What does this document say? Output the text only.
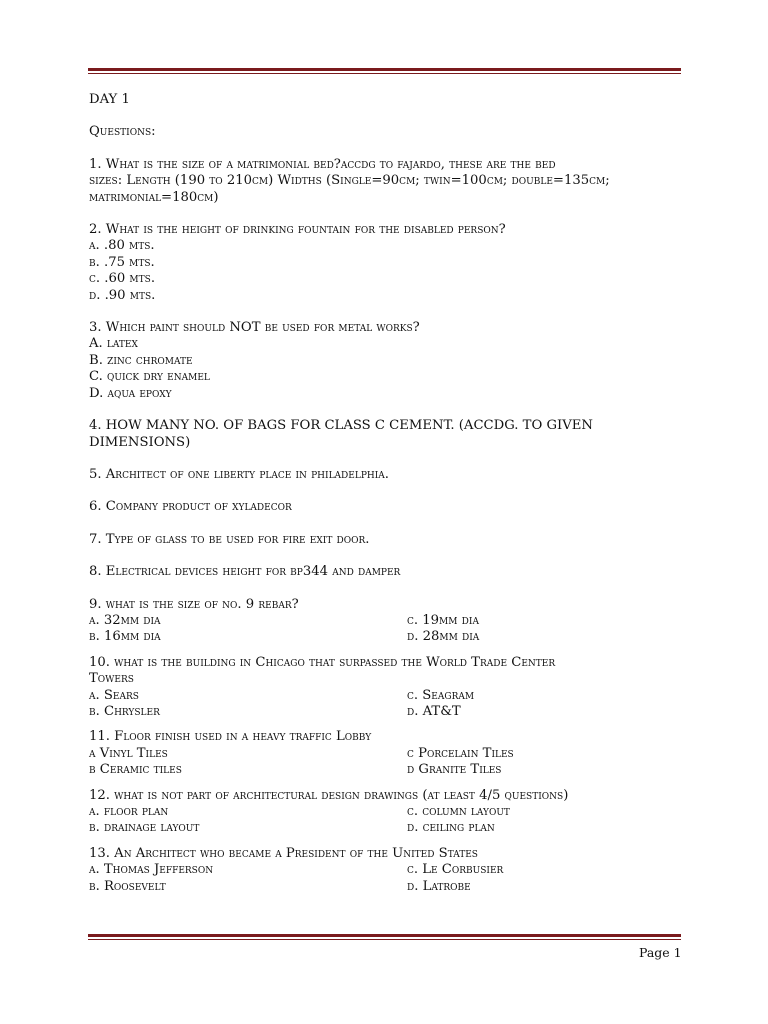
DAY 1
Questions:
1. What is the size of a matrimonial bed?accdg to fajardo, these are the bed
sizes: Length (190 to 210cm) Widths (Single=90cm; twin=100cm; double=135cm;
matrimonial=180cm)
2. What is the height of drinking fountain for the disabled person?
a. .80 mts.
b. .75 mts.
c. .60 mts.
d. .90 mts.
3. Which paint should NOT be used for metal works?
A. latex
B. zinc chromate
C. quick dry enamel
D. aqua epoxy
4. HOW MANY NO. OF BAGS FOR CLASS C CEMENT. (ACCDG. TO GIVEN
DIMENSIONS)
5. Architect of one liberty place in philadelphia.
6. Company product of xyladecor
7. Type of glass to be used for fire exit door.
8. Electrical devices height for bp344 and damper
9. what is the size of no. 9 rebar?
a. 32mm dia	c. 19mm dia
b. 16mm dia	d. 28mm dia
10. what is the building in Chicago that surpassed the World Trade Center
Towers
a. Sears	c. Seagram
b. Chrysler	d. AT&T
11. Floor finish used in a heavy traffic Lobby
a Vinyl Tiles	c Porcelain Tiles
b Ceramic tiles	d Granite Tiles
12. what is not part of architectural design drawings (at least 4/5 questions)
a. floor plan	c. column layout
b. drainage layout	d. ceiling plan
13. An Architect who became a President of the United States
a. Thomas Jefferson	c. Le Corbusier
b. Roosevelt	d. Latrobe
Page 1
